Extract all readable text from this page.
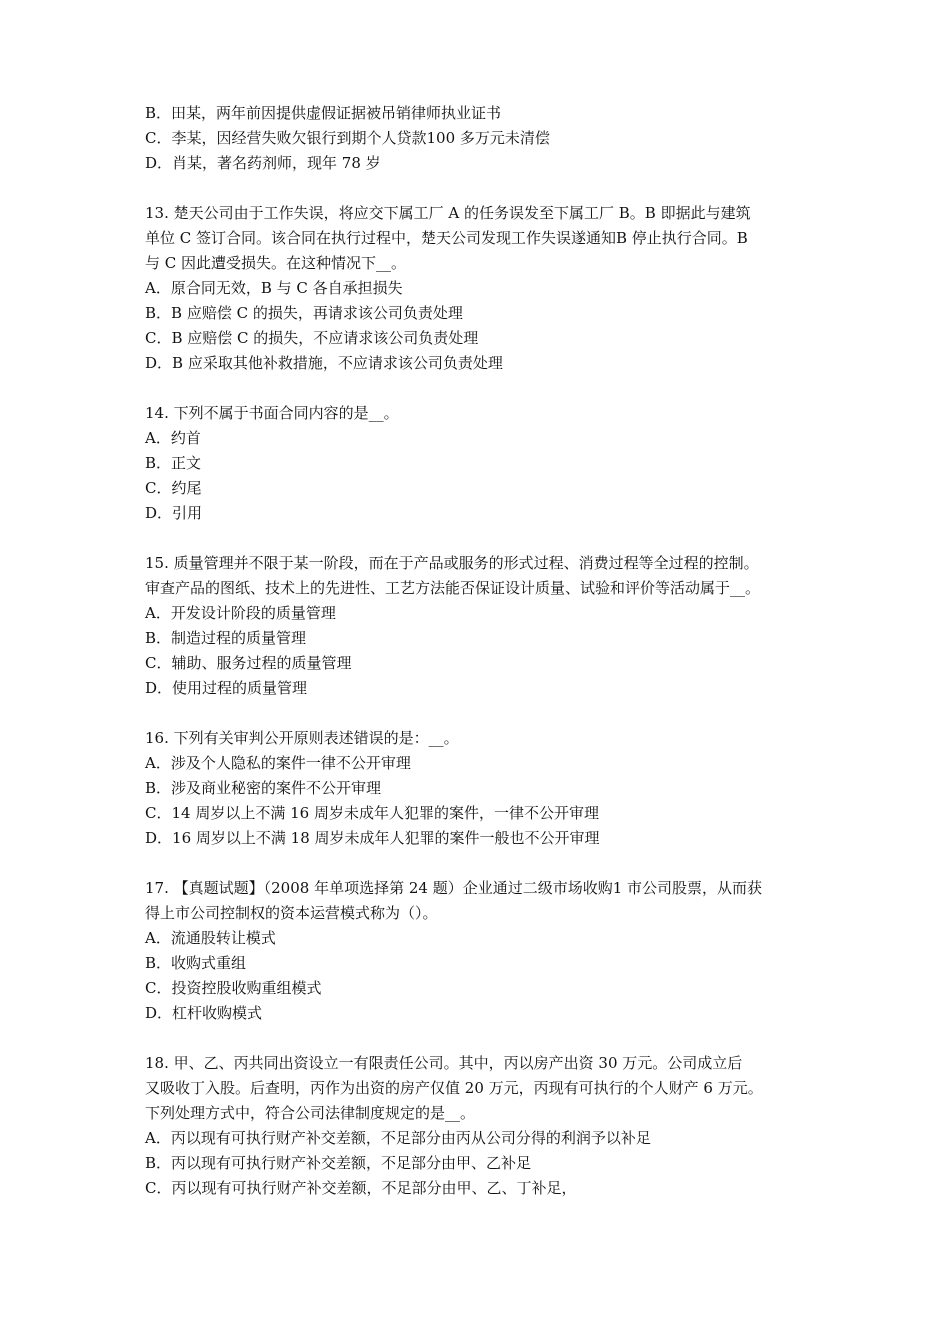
B．田某，两年前因提供虚假证据被吊销律师执业证书

C．李某，因经营失败欠银行到期个人贷款100 多万元未清偿

D．肖某，著名药剂师，现年 78 岁

13. 楚天公司由于工作失误，将应交下属工厂 A 的任务误发至下属工厂 B。B 即据此与建筑
单位 C 签订合同。该合同在执行过程中，楚天公司发现工作失误遂通知B 停止执行合同。B
与 C 因此遭受损失。在这种情况下__。

A．原合同无效，B 与 C 各自承担损失

B．B 应赔偿 C 的损失，再请求该公司负责处理

C．B 应赔偿 C 的损失，不应请求该公司负责处理

D．B 应采取其他补救措施，不应请求该公司负责处理

14. 下列不属于书面合同内容的是__。

A．约首

B．正文

C．约尾

D．引用

15. 质量管理并不限于某一阶段，而在于产品或服务的形式过程、消费过程等全过程的控制。
审查产品的图纸、技术上的先进性、工艺方法能否保证设计质量、试验和评价等活动属于__。

A．开发设计阶段的质量管理

B．制造过程的质量管理

C．辅助、服务过程的质量管理

D．使用过程的质量管理

16. 下列有关审判公开原则表述错误的是：__。

A．涉及个人隐私的案件一律不公开审理

B．涉及商业秘密的案件不公开审理

C．14 周岁以上不满 16 周岁未成年人犯罪的案件，一律不公开审理

D．16 周岁以上不满 18 周岁未成年人犯罪的案件一般也不公开审理

17. 【真题试题】（2008 年单项选择第 24 题）企业通过二级市场收购1 市公司股票，从而获
得上市公司控制权的资本运营模式称为（）。

A．流通股转让模式

B．收购式重组

C．投资控股收购重组模式

D．杠杆收购模式

18. 甲、乙、丙共同出资设立一有限责任公司。其中，丙以房产出资 30 万元。公司成立后
又吸收丁入股。后查明，丙作为出资的房产仅值 20 万元，丙现有可执行的个人财产 6 万元。
下列处理方式中，符合公司法律制度规定的是__。

A．丙以现有可执行财产补交差额，不足部分由丙从公司分得的利润予以补足

B．丙以现有可执行财产补交差额，不足部分由甲、乙补足

C．丙以现有可执行财产补交差额，不足部分由甲、乙、丁补足，
